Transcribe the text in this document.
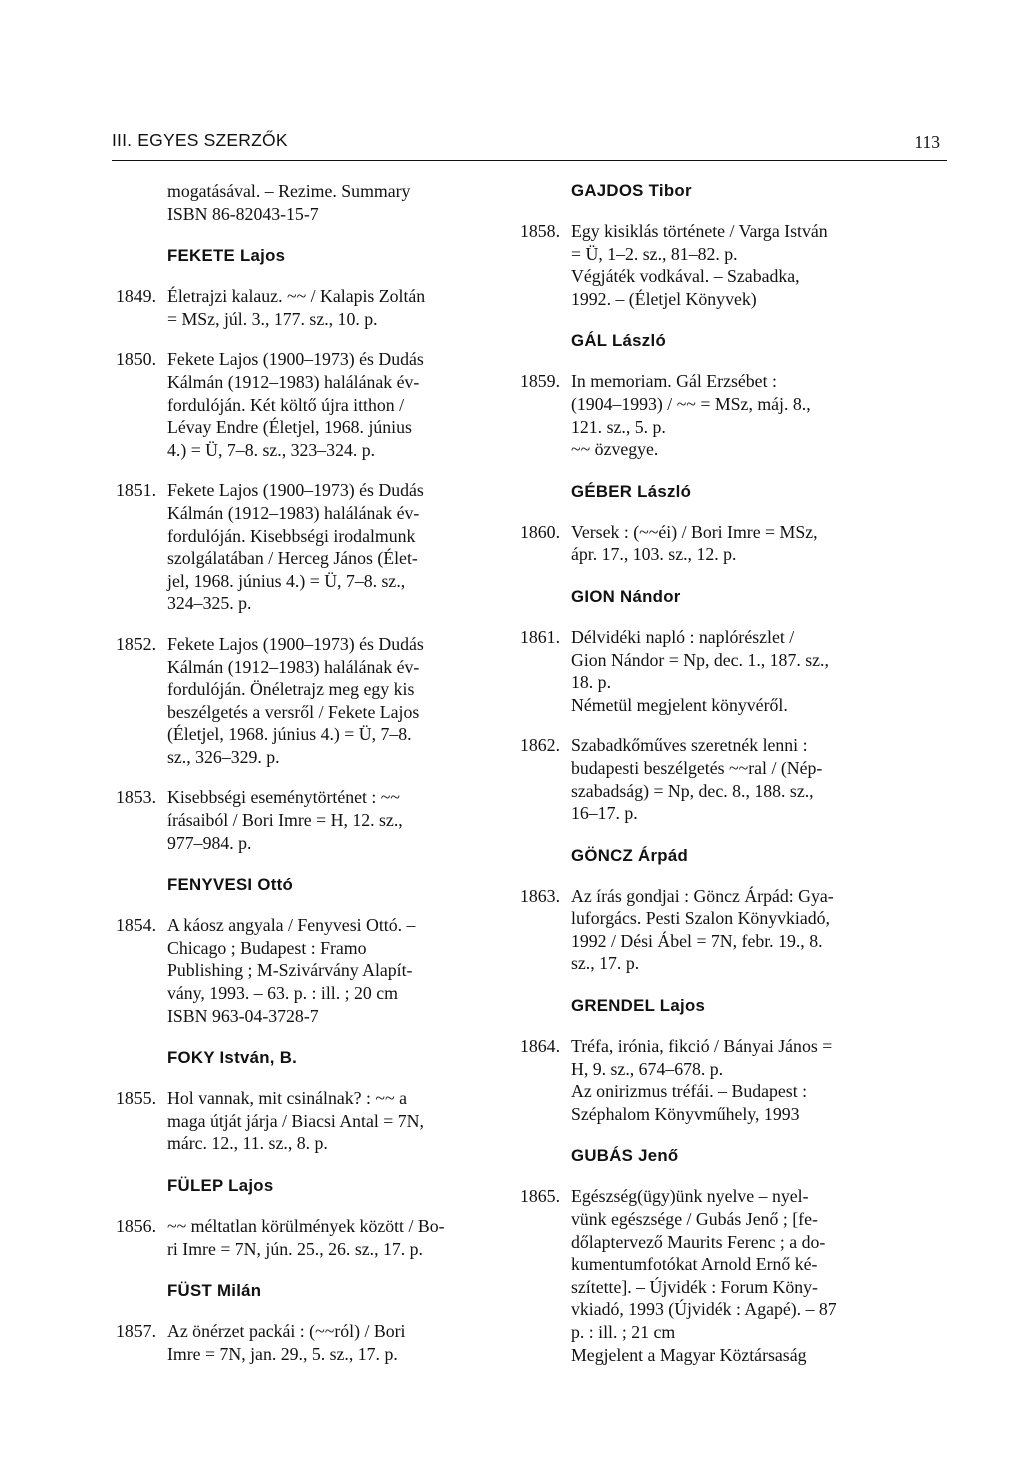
III. EGYES SZERZŐK	113
mogatásával. – Rezime. Summary
ISBN 86-82043-15-7
FEKETE Lajos
1849. Életrajzi kalauz. ~~ / Kalapis Zoltán
= MSz, júl. 3., 177. sz., 10. p.
1850. Fekete Lajos (1900–1973) és Dudás
Kálmán (1912–1983) halálának év-
fordulóján. Két költő újra itthon /
Lévay Endre (Életjel, 1968. június
4.) = Ü, 7–8. sz., 323–324. p.
1851. Fekete Lajos (1900–1973) és Dudás
Kálmán (1912–1983) halálának év-
fordulóján. Kisebbségi irodalmunk
szolgálatában / Herceg János (Élet-
jel, 1968. június 4.) = Ü, 7–8. sz.,
324–325. p.
1852. Fekete Lajos (1900–1973) és Dudás
Kálmán (1912–1983) halálának év-
fordulóján. Önéletrajz meg egy kis
beszélgetés a versről / Fekete Lajos
(Életjel, 1968. június 4.) = Ü, 7–8.
sz., 326–329. p.
1853. Kisebbségi eseménytörténet : ~~
írásaiból / Bori Imre = H, 12. sz.,
977–984. p.
FENYVESI Ottó
1854. A káosz angyala / Fenyvesi Ottó. –
Chicago ; Budapest : Framo
Publishing ; M-Szivárvány Alapít-
vány, 1993. – 63. p. : ill. ; 20 cm
ISBN 963-04-3728-7
FOKY István, B.
1855. Hol vannak, mit csinálnak? : ~~ a
maga útját járja / Biacsi Antal = 7N,
márc. 12., 11. sz., 8. p.
FÜLEP Lajos
1856. ~~ méltatlan körülmények között / Bo-
ri Imre = 7N, jún. 25., 26. sz., 17. p.
FÜST Milán
1857. Az önérzet packái : (~~ról) / Bori
Imre = 7N, jan. 29., 5. sz., 17. p.
GAJDOS Tibor
1858. Egy kisiklás története / Varga István
= Ü, 1–2. sz., 81–82. p.
Végjáték vodkával. – Szabadka,
1992. – (Életjel Könyvek)
GÁL László
1859. In memoriam. Gál Erzsébet :
(1904–1993) / ~~ = MSz, máj. 8.,
121. sz., 5. p.
~~ özvegye.
GÉBER László
1860. Versek : (~~éi) / Bori Imre = MSz,
ápr. 17., 103. sz., 12. p.
GION Nándor
1861. Délvidéki napló : naplórészlet /
Gion Nándor = Np, dec. 1., 187. sz.,
18. p.
Németül megjelent könyvéről.
1862. Szabadkőműves szeretnék lenni :
budapesti beszélgetés ~~ral / (Nép-
szabadság) = Np, dec. 8., 188. sz.,
16–17. p.
GÖNCZ Árpád
1863. Az írás gondjai : Göncz Árpád: Gya-
luforgács. Pesti Szalon Könyvkiadó,
1992 / Dési Ábel = 7N, febr. 19., 8.
sz., 17. p.
GRENDEL Lajos
1864. Tréfa, irónia, fikció / Bányai János =
H, 9. sz., 674–678. p.
Az onirizmus tréfái. – Budapest :
Széphalom Könyvműhely, 1993
GUBÁS Jenő
1865. Egészség(ügy)ünk nyelve – nyel-
vünk egészsége / Gubás Jenő ; [fe-
dőlaptervező Maurits Ferenc ; a do-
kumentumfotókat Arnold Ernő ké-
szítette]. – Újvidék : Forum Köny-
vkiadó, 1993 (Újvidék : Agapé). – 87
p. : ill. ; 21 cm
Megjelent a Magyar Köztársaság
